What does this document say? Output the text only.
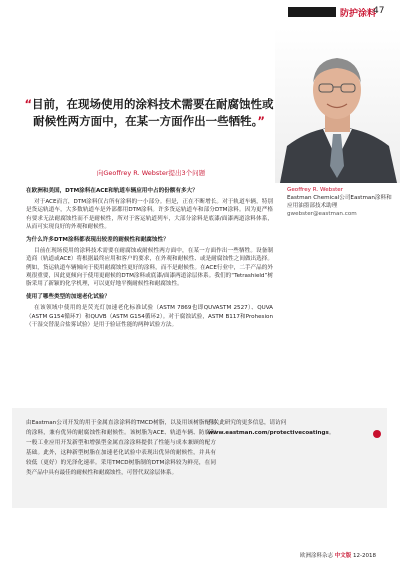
防护涂料
47
“目前，在现场使用的涂料技术需要在耐腐蚀性或耐候性两方面中，在某一方面作出一些牺牲。”
Geoffrey R. Webster
Eastman Chemical公司Eastman涂料和应用油墨部技术助理
gwebster@eastman.com
向Geoffrey R. Webster提出3个问题

在欧洲和美国，DTM涂料在ACE和轨道车辆应用中占的份额有多大？

对于ACE而言，DTM涂料仅占所有涂料的一小部分。但是，正在不断增长。对于轨道车辆，特别是货运轨道车，大多数轨道车是外部都用DTM涂料。许多货运轨道车和部分DTM涂料。因为更严格有要求无法耐腐蚀性而不是耐候性，所对于客运轨道列车，大部分涂料是底漆/面漆两道涂料体系，从而可实现良好的外观和耐候性。

为什么许多DTM涂料都表现出较差的耐候性和耐腐蚀性？

目前在现场使用的涂料技术需要在耐腐蚀或耐候性两方面中，在某一方面作出一些牺牲。设备制造商（轨道或ACE）将根据最终应用和客户的要求，在外观和耐候性、或是耐腐蚀性之间做出选择。例如，货运轨道车辆倾向于使用耐腐蚀性更好的涂料，而不是耐候性。在ACE行业中，二手产品的外观很重要，因此更倾向于使用更耐候的DTM涂料或底漆/面漆两道涂层体系。我们的“Tetrashield”树脂采用了新颖的化学机理，可以更好地平衡耐候性和耐腐蚀性。

使用了哪些类型的加速老化试验？

在该领域中使用的是荧光灯加速老化标准试验（ASTM 7869也即QUVASTM 2527）、QUVA（ASTM G154循环7）和QUVB（ASTM G154循环2）。对于腐蚀试验，ASTM B117和Prohesion（干湿交替混合盐雾试验）是用于验证性能的两种试验方法。

由Eastman公司开发的用于金属直涂涂料的TMCD树脂，以及用该树脂配制的涂料，兼有优异的耐腐蚀性和耐候性。该树脂为ACE、轨道车辆、防腐和一般工业应用开发新型和增强型金属直涂涂料提供了性能与成本兼顾的配方基础。此外，这种新型树脂在加速老化试验中表现出优异的耐候性，并具有较低（更好）的光泽化速率。采用TMCD树脂制的DTM涂料较为鲜亮，在同类产品中具有最佳的耐候性和耐腐蚀性，可替代双涂层体系。
有关此研究的更多信息，请访问www.eastman.com/protectivecoatings。
欧洲涂料杂志 中文版 12-2018
